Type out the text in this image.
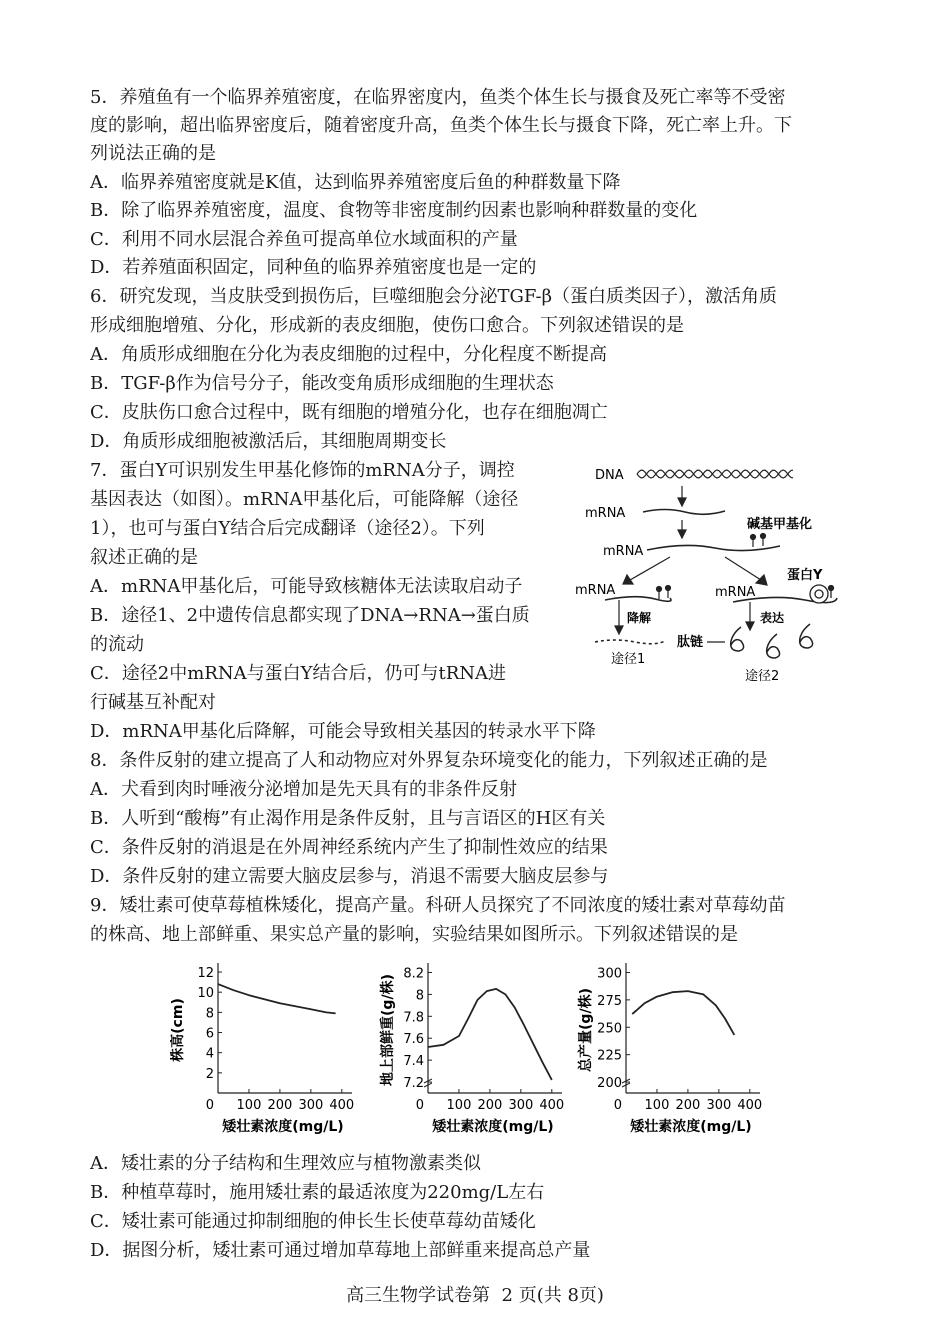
5．养殖鱼有一个临界养殖密度，在临界密度内，鱼类个体生长与摄食及死亡率等不受密
度的影响，超出临界密度后，随着密度升高，鱼类个体生长与摄食下降，死亡率上升。下
列说法正确的是
A．临界养殖密度就是K值，达到临界养殖密度后鱼的种群数量下降
B．除了临界养殖密度，温度、食物等非密度制约因素也影响种群数量的变化
C．利用不同水层混合养鱼可提高单位水域面积的产量
D．若养殖面积固定，同种鱼的临界养殖密度也是一定的
6．研究发现，当皮肤受到损伤后，巨噬细胞会分泌TGF-β（蛋白质类因子），激活角质
形成细胞增殖、分化，形成新的表皮细胞，使伤口愈合。下列叙述错误的是
A．角质形成细胞在分化为表皮细胞的过程中，分化程度不断提高
B．TGF-β作为信号分子，能改变角质形成细胞的生理状态
C．皮肤伤口愈合过程中，既有细胞的增殖分化，也存在细胞凋亡
D．角质形成细胞被激活后，其细胞周期变长
7．蛋白Y可识别发生甲基化修饰的mRNA分子，调控
基因表达（如图）。mRNA甲基化后，可能降解（途径
1），也可与蛋白Y结合后完成翻译（途径2）。下列
叙述正确的是
A．mRNA甲基化后，可能导致核糖体无法读取启动子
B．途径1、2中遗传信息都实现了DNA→RNA→蛋白质
的流动
C．途径2中mRNA与蛋白Y结合后，仍可与tRNA进
行碱基互补配对
D．mRNA甲基化后降解，可能会导致相关基因的转录水平下降
DNA
mRNA
碱基甲基化
mRNA
mRNA
降解
途径1
mRNA
蛋白Y
表达
肽链
途径2
8．条件反射的建立提高了人和动物应对外界复杂环境变化的能力，下列叙述正确的是
A．犬看到肉时唾液分泌增加是先天具有的非条件反射
B．人听到“酸梅”有止渴作用是条件反射，且与言语区的H区有关
C．条件反射的消退是在外周神经系统内产生了抑制性效应的结果
D．条件反射的建立需要大脑皮层参与，消退不需要大脑皮层参与
9．矮壮素可使草莓植株矮化，提高产量。科研人员探究了不同浓度的矮壮素对草莓幼苗
的株高、地上部鲜重、果实总产量的影响，实验结果如图所示。下列叙述错误的是
2
4
6
8
10
12
0 100 200 300 400
矮壮素浓度(mg/L)
株高(cm)
7.2
7.4
7.6
7.8
8
8.2
0 100 200 300 400
矮壮素浓度(mg/L)
地上部鲜重(g/株)	200
225
250
275
300
0 100 200 300 400
矮壮素浓度(mg/L)
总产量(g/株)
A．矮壮素的分子结构和生理效应与植物激素类似
B．种植草莓时，施用矮壮素的最适浓度为220mg/L左右
C．矮壮素可能通过抑制细胞的伸长生长使草莓幼苗矮化
D．据图分析，矮壮素可通过增加草莓地上部鲜重来提高总产量
高三生物学试卷第 2 页(共 8页)
